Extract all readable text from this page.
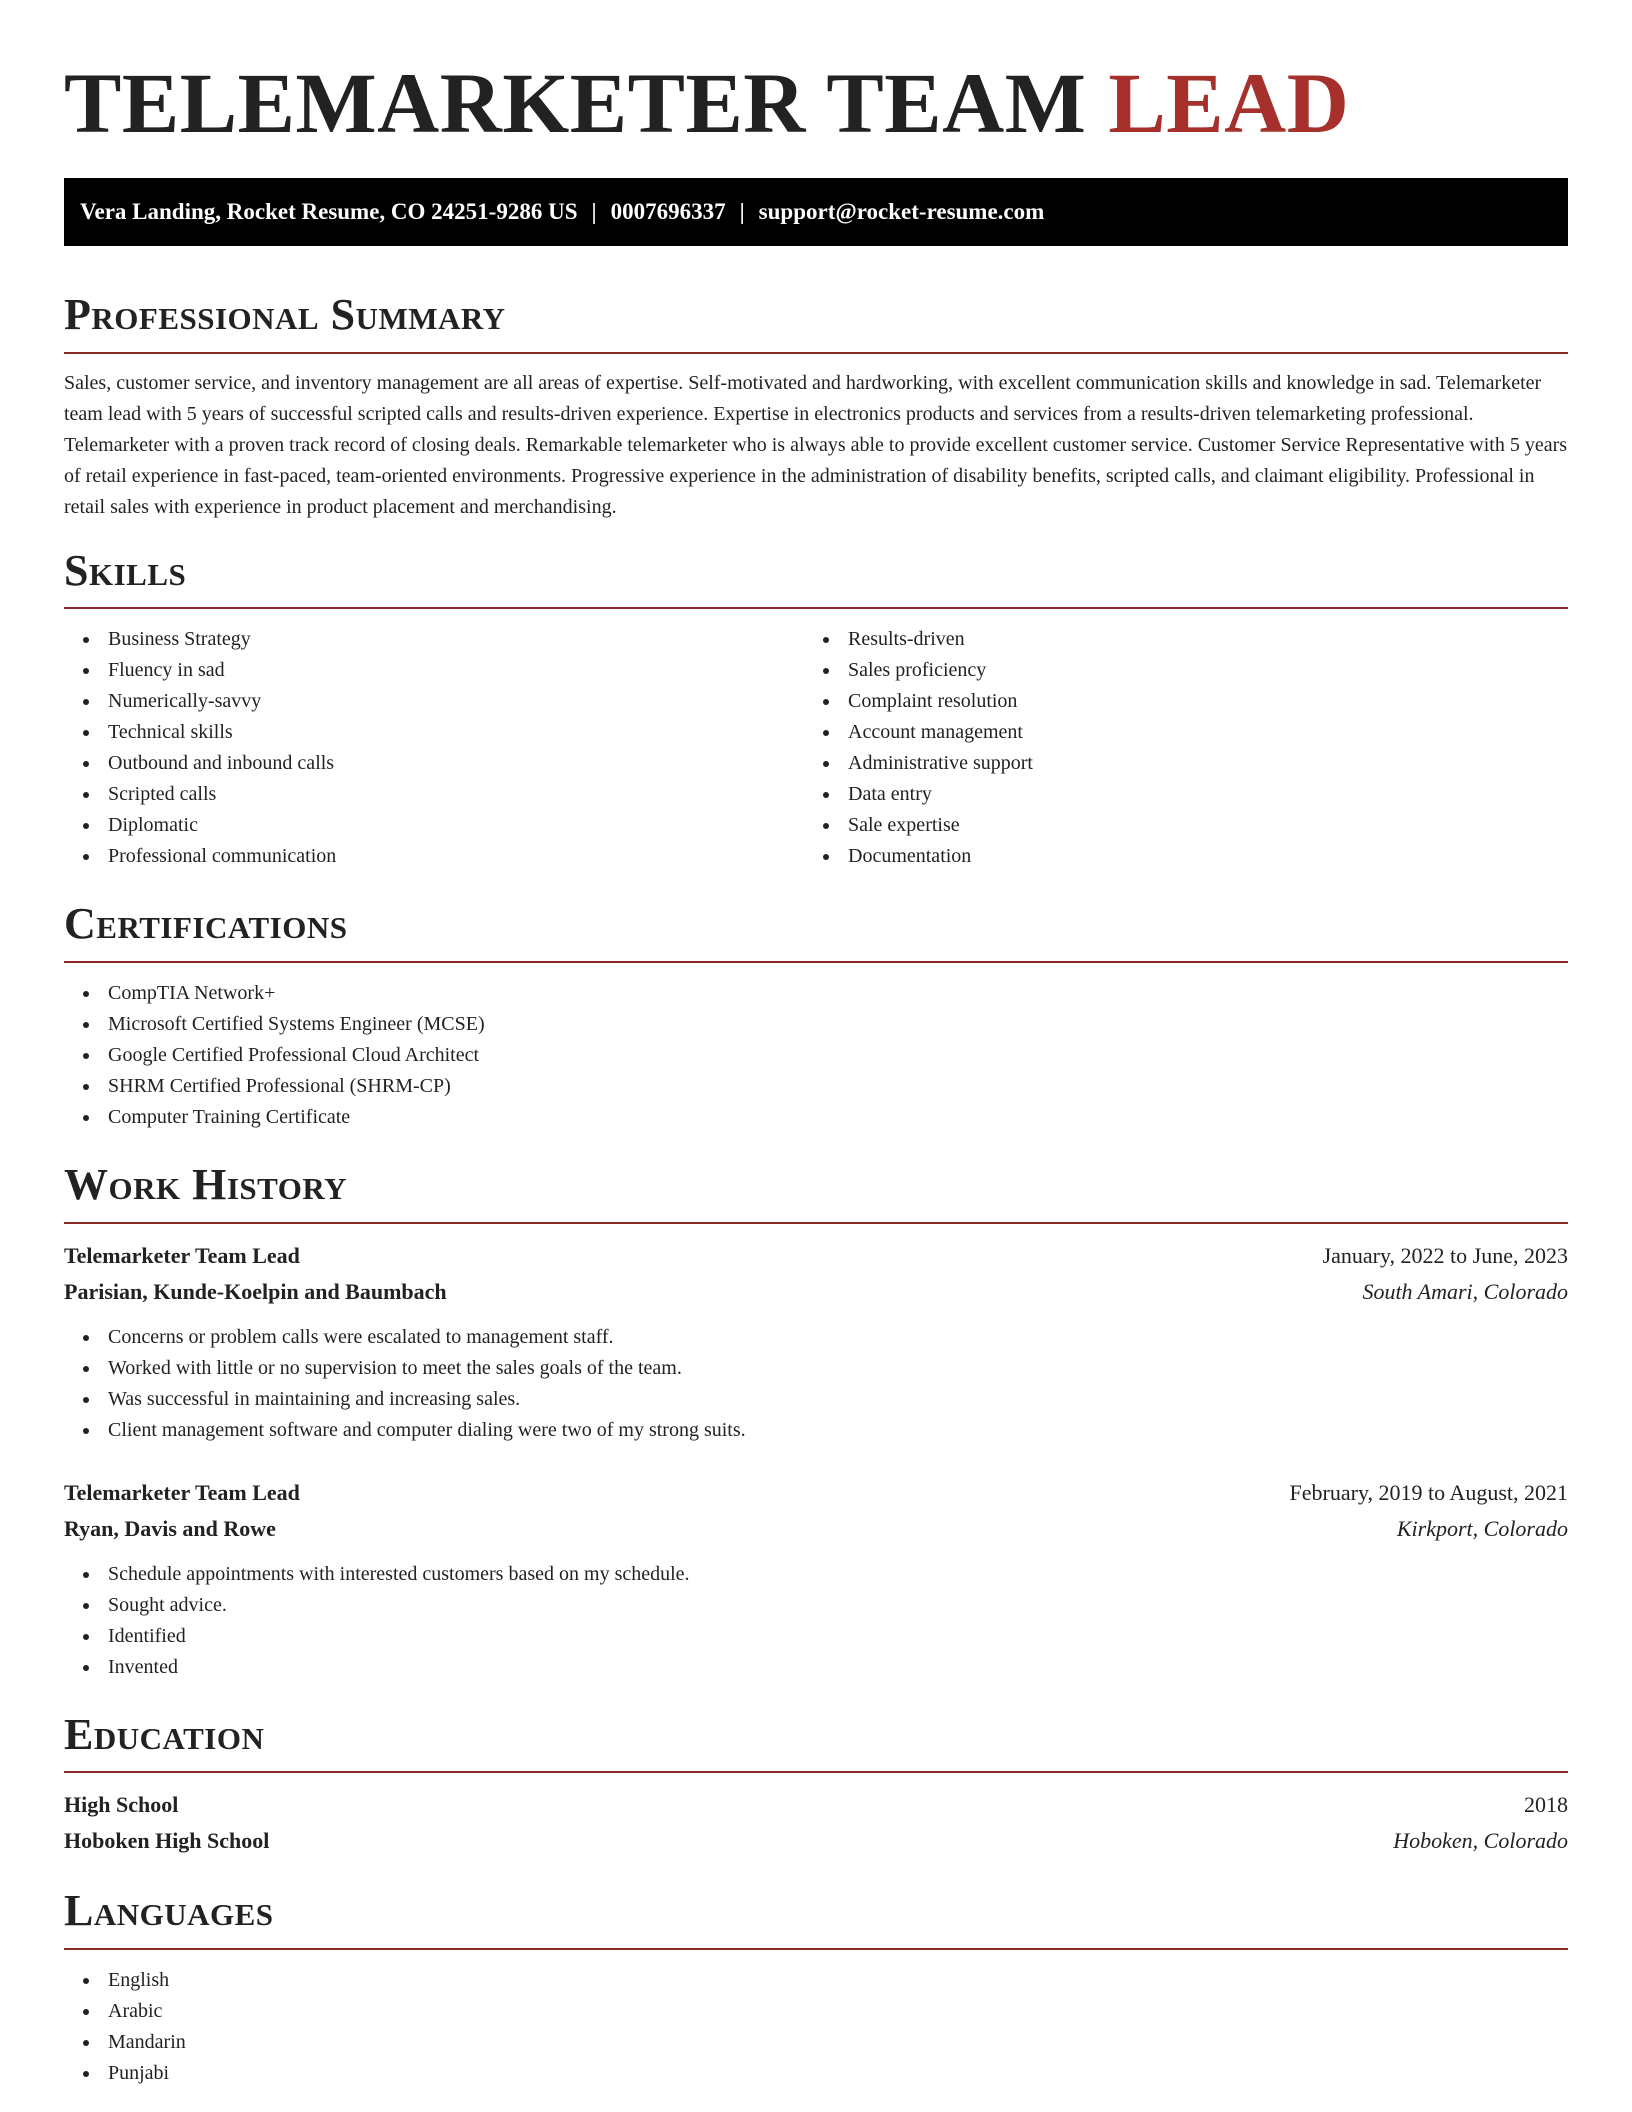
TELEMARKETER TEAM LEAD
Vera Landing, Rocket Resume, CO 24251-9286 US | 0007696337 | support@rocket-resume.com
Professional Summary

Sales, customer service, and inventory management are all areas of expertise. Self-motivated and hardworking, with excellent communication skills and knowledge in sad. Telemarketer team lead with 5 years of successful scripted calls and results-driven experience. Expertise in electronics products and services from a results-driven telemarketing professional. Telemarketer with a proven track record of closing deals. Remarkable telemarketer who is always able to provide excellent customer service. Customer Service Representative with 5 years of retail experience in fast-paced, team-oriented environments. Progressive experience in the administration of disability benefits, scripted calls, and claimant eligibility. Professional in retail sales with experience in product placement and merchandising.

Skills
Business Strategy
Fluency in sad
Numerically-savvy
Technical skills
Outbound and inbound calls
Scripted calls
Diplomatic
Professional communication
Results-driven
Sales proficiency
Complaint resolution
Account management
Administrative support
Data entry
Sale expertise
Documentation
Certifications
CompTIA Network+
Microsoft Certified Systems Engineer (MCSE)
Google Certified Professional Cloud Architect
SHRM Certified Professional (SHRM-CP)
Computer Training Certificate
Work History
Telemarketer Team Lead	January, 2022 to June, 2023
Parisian, Kunde-Koelpin and Baumbach	South Amari, Colorado
Concerns or problem calls were escalated to management staff.
Worked with little or no supervision to meet the sales goals of the team.
Was successful in maintaining and increasing sales.
Client management software and computer dialing were two of my strong suits.
Telemarketer Team Lead	February, 2019 to August, 2021
Ryan, Davis and Rowe	Kirkport, Colorado
Schedule appointments with interested customers based on my schedule.
Sought advice.
Identified
Invented
Education
High School	2018
Hoboken High School	Hoboken, Colorado
Languages
English
Arabic
Mandarin
Punjabi
